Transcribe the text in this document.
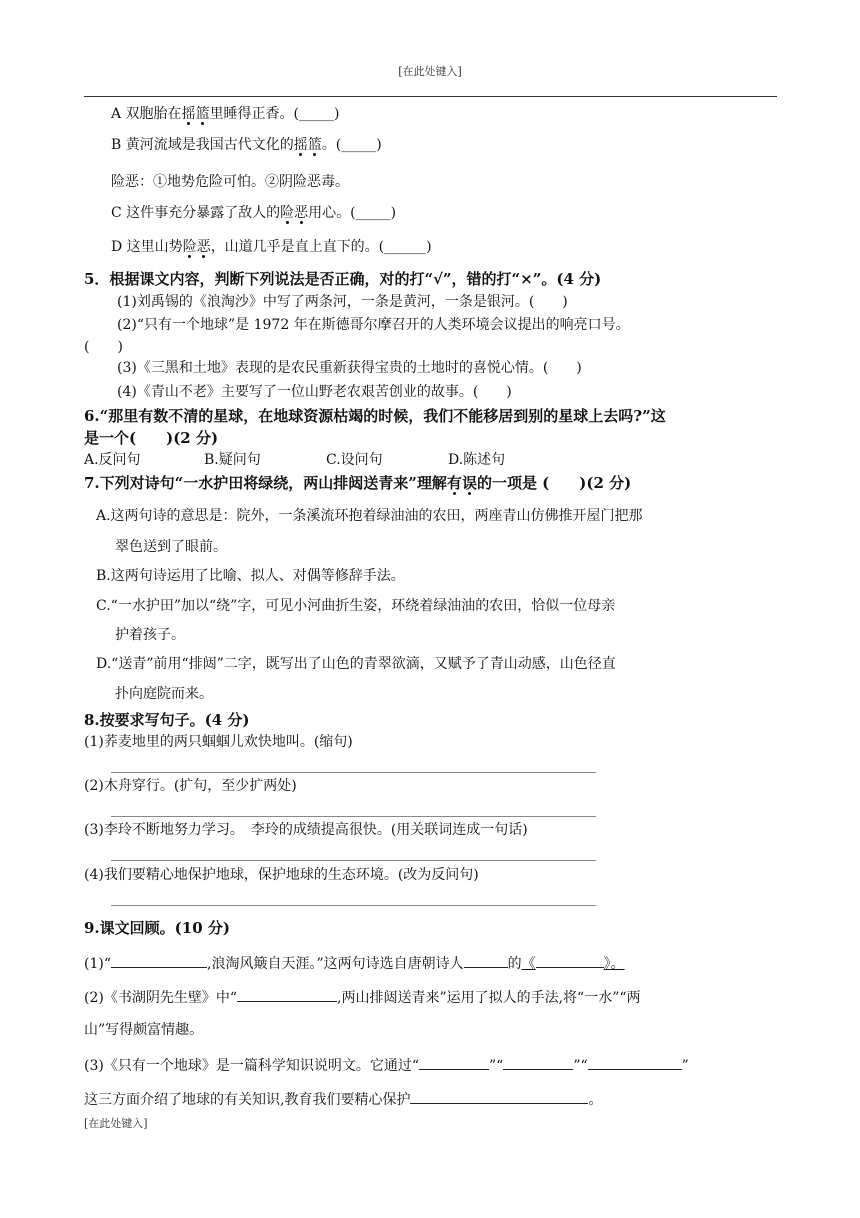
[在此处键入]
A 双胞胎在摇篮里睡得正香。(_____)
B 黄河流域是我国古代文化的摇篮。(_____)
险恶：①地势危险可怕。②阴险恶毒。
C 这件事充分暴露了敌人的险恶用心。(_____)
D 这里山势险恶，山道几乎是直上直下的。(______)
5．根据课文内容，判断下列说法是否正确，对的打“√”，错的打“×”。(4 分)
(1)刘禹锡的《浪淘沙》中写了两条河，一条是黄河，一条是银河。(　　)
(2)“只有一个地球”是 1972 年在斯德哥尔摩召开的人类环境会议提出的响亮口号。
(　　)
(3)《三黑和土地》表现的是农民重新获得宝贵的土地时的喜悦心情。(　　)
(4)《青山不老》主要写了一位山野老农艰苦创业的故事。(　　)
6.“那里有数不清的星球，在地球资源枯竭的时候，我们不能移居到别的星球上去吗?”这
是一个(　　)(2 分)
A.反问句	B.疑问句	C.设问句	D.陈述句
7.下列对诗句“一水护田将绿绕，两山排闼送青来”理解有误的一项是 (　　)(2 分)
A.这两句诗的意思是：院外，一条溪流环抱着绿油油的农田，两座青山仿佛推开屋门把那
翠色送到了眼前。
B.这两句诗运用了比喻、拟人、对偶等修辞手法。
C.“一水护田”加以“绕”字，可见小河曲折生姿，环绕着绿油油的农田，恰似一位母亲
护着孩子。
D.“送青”前用“排闼”二字，既写出了山色的青翠欲滴，又赋予了青山动感，山色径直
扑向庭院而来。
8.按要求写句子。(4 分)
(1)荞麦地里的两只蝈蝈儿欢快地叫。(缩句)
(2)木舟穿行。(扩句，至少扩两处)
(3)李玲不断地努力学习。　李玲的成绩提高很快。(用关联词连成一句话)
(4)我们要精心地保护地球，保护地球的生态环境。(改为反问句)
9.课文回顾。(10 分)
(1)“	,浪淘风簸自天涯。”这两句诗选自唐朝诗人	的《	》。
(2)《书湖阴先生壁》中“	,两山排闼送青来”运用了拟人的手法,将“一水”“两
山”写得颇富情趣。
(3)《只有一个地球》是一篇科学知识说明文。它通过“	”“	”“	”
这三方面介绍了地球的有关知识,教育我们要精心保护	。
[在此处键入]
